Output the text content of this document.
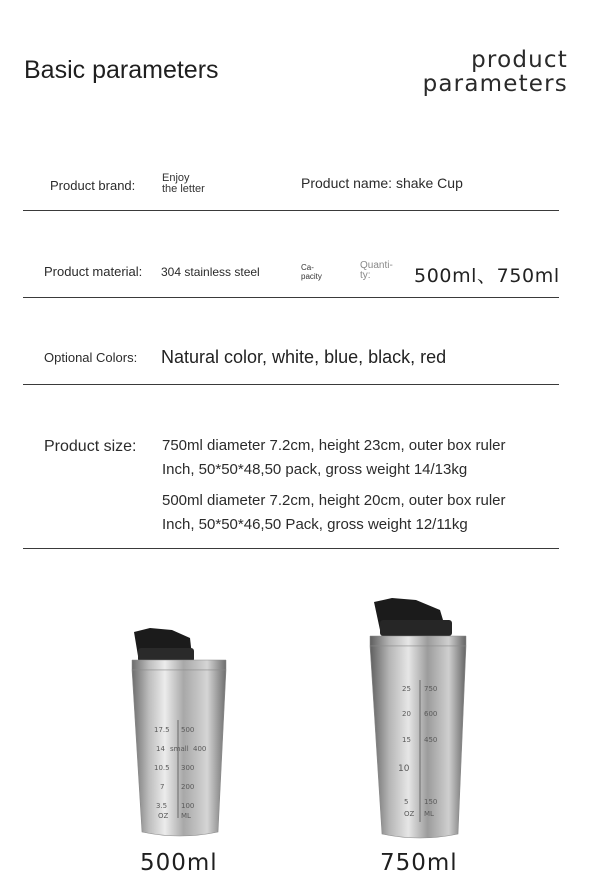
Basic parameters	product
parameters
Product brand: Enjoy
the letter	Product name: shake Cup
Product material: 304 stainless steel	Ca-
pacity
Quanti-
ty:	500ml、750ml
Optional Colors: Natural color, white, blue, black, red
Product size: 750ml diameter 7.2cm, height 23cm, outer box ruler
Inch, 50*50*48,50 pack, gross weight 14/13kg
500ml diameter 7.2cm, height 20cm, outer box ruler
Inch, 50*50*46,50 Pack, gross weight 12/11kg
17.5 500
14 small 400
10.5 300
7 200
3.5 100
OZ ML
25 750
20 600
15 450
10
5 150
OZ ML
500ml	750ml
